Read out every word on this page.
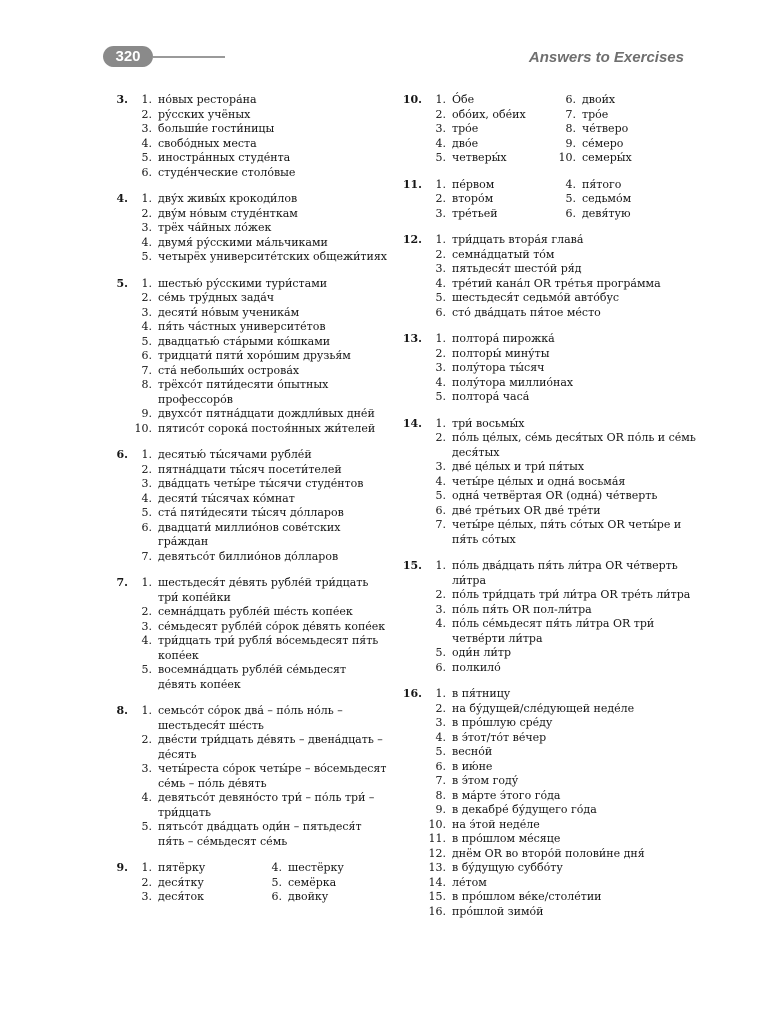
320	Answers to Exercises
3.	1. но́вых рестора́на
2. ру́сских учёных
3. больши́е гости́ницы
4. свобо́дных места
5. иностра́нных студе́нта
6. студе́нческие столо́вые
4.	1. дву́х живы́х крокоди́лов
2. дву́м но́вым студе́нткам
3. трёх ча́йных ло́жек
4. двумя́ ру́сскими ма́льчиками
5. четырёх университе́тских общежи́тиях
5.	1. шестью́ ру́сскими тури́стами
2. се́мь тру́дных зада́ч
3. десяти́ но́вым ученика́м
4. пя́ть ча́стных университе́тов
5. двадцатью́ ста́рыми ко́шками
6. тридцати́ пяти́ хоро́шим друзья́м
7. ста́ небольши́х острова́х
8. трёхсо́т пяти́десяти о́пытных профессоро́в
9. двухсо́т пятна́дцати дождли́вых дне́й
10. пятисо́т сорока́ постоя́нных жи́телей
6.	1. десятью́ ты́сячами рубле́й
2. пятна́дцати ты́сяч посети́телей
3. два́дцать четы́ре ты́сячи студе́нтов
4. десяти́ ты́сячах ко́мнат
5. ста́ пяти́десяти ты́сяч до́лларов
6. двадцати́ миллио́нов сове́тских гра́ждан
7. девятьсо́т биллио́нов до́лларов
7.	1. шестьдеся́т де́вять рубле́й три́дцать три́ копе́йки
2. семна́дцать рубле́й ше́сть копе́ек
3. се́мьдесят рубле́й со́рок де́вять копе́ек
4. три́дцать три́ рубля́ во́семьдесят пя́ть копе́ек
5. восемна́дцать рубле́й се́мьдесят де́вять копе́ек
8.	1. семьсо́т со́рок два́ – по́ль но́ль – шестьдеся́т ше́сть
2. две́сти три́дцать де́вять – двена́дцать – де́сять
3. четы́реста со́рок четы́ре – во́семьдесят се́мь – по́ль де́вять
4. девятьсо́т девяно́сто три́ – по́ль три́ – три́дцать
5. пятьсо́т два́дцать оди́н – пятьдеся́т пя́ть – се́мьдесят се́мь
9.	1. пятёрку	4. шестёрку
2. деся́тку	5. семёрка
3. деся́ток	6. двойку
10.	1. О́бе	6. двои́х
2. обо́их, обе́их	7. тро́е
3. тро́е	8. че́тверо
4. дво́е	9. се́меро
5. четверы́х	10. семеры́х
11.	1. пе́рвом	4. пя́того
2. второ́м	5. седьмо́м
3. тре́тьей	6. девя́тую
12.	1. три́дцать втора́я глава́
2. семна́дцатый то́м
3. пятьдеся́т шесто́й ря́д
4. тре́тий кана́л OR тре́тья програ́мма
5. шестьдеся́т седьмо́й авто́бус
6. сто́ два́дцать пя́тое ме́сто
13.	1. полтора́ пирожка́
2. полторы́ мину́ты
3. полу́тора ты́сяч
4. полу́тора миллио́нах
5. полтора́ часа́
14.	1. три́ восьмы́х
2. по́ль це́лых, се́мь деся́тых OR по́ль и се́мь деся́тых
3. две́ це́лых и три́ пя́тых
4. четы́ре це́лых и одна́ восьма́я
5. одна́ четвёртая OR (одна́) че́тверть
6. две́ тре́тьих OR две́ тре́ти
7. четы́ре це́лых, пя́ть со́тых OR четы́ре и пя́ть со́тых
15.	1. по́ль два́дцать пя́ть ли́тра OR че́тверть ли́тра
2. по́ль три́дцать три́ ли́тра OR тре́ть ли́тра
3. по́ль пя́ть OR пол-ли́тра
4. по́ль се́мьдесят пя́ть ли́тра OR три́ четве́рти ли́тра
5. оди́н ли́тр
6. полкило́
16.	1. в пя́тницу
2. на бу́дущей/сле́дующей неде́ле
3. в про́шлую сре́ду
4. в э́тот/то́т ве́чер
5. весно́й
6. в ию́не
7. в э́том году́
8. в ма́рте э́того го́да
9. в декабре́ бу́дущего го́да
10. на э́той неде́ле
11. в про́шлом ме́сяце
12. днём OR во второ́й полови́не дня́
13. в бу́дущую суббо́ту
14. ле́том
15. в про́шлом ве́ке/столе́тии
16. про́шлой зимо́й
